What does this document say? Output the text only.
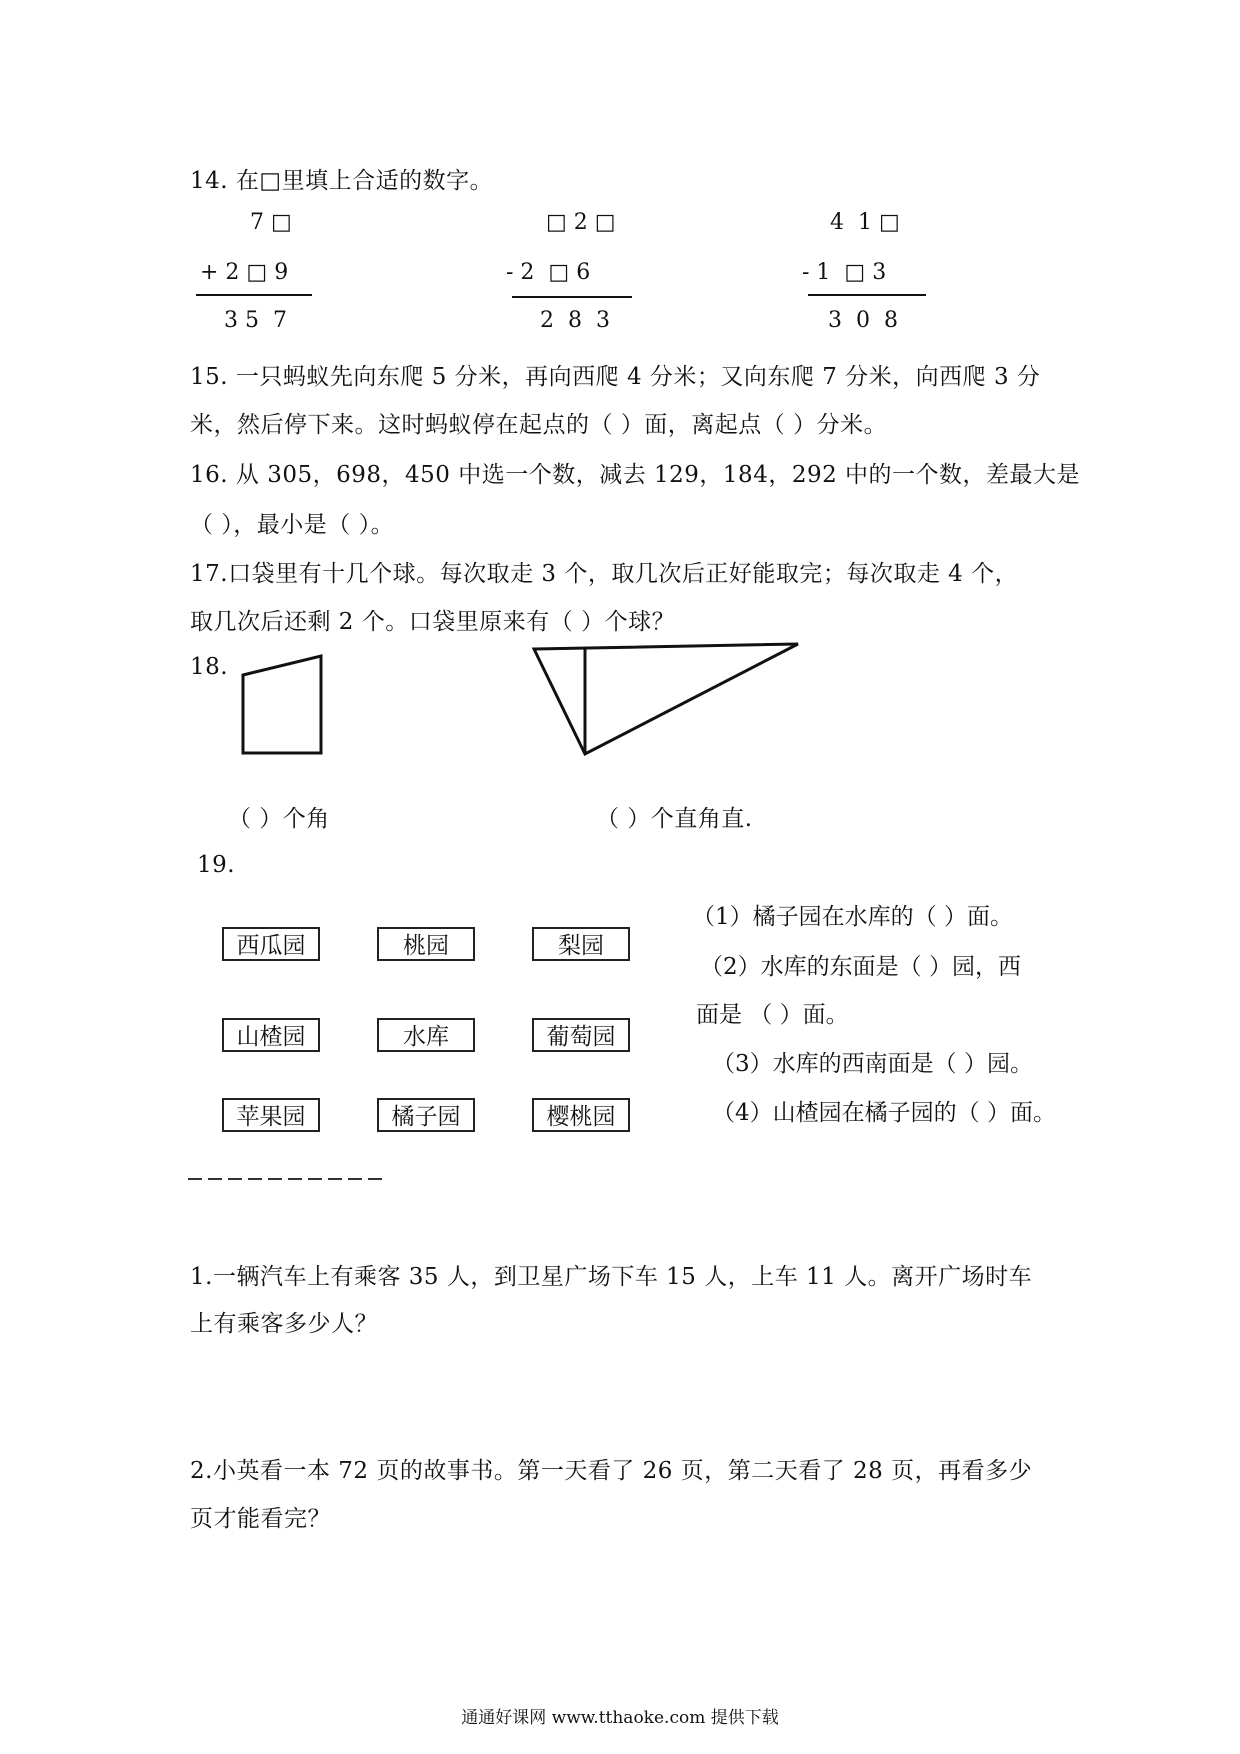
14. 在□里填上合适的数字。
7 □
+ 2 □ 9
3 5  7
□ 2 □
- 2  □ 6
2  8  3
4  1 □
- 1  □ 3
3  0  8
15. 一只蚂蚁先向东爬 5 分米，再向西爬 4 分米；又向东爬 7 分米，向西爬 3 分
米，然后停下来。这时蚂蚁停在起点的（ ）面，离起点（ ）分米。
16. 从 305，698，450 中选一个数，减去 129，184，292 中的一个数，差最大是
（ ），最小是（ ）。
17.口袋里有十几个球。每次取走 3 个，取几次后正好能取完；每次取走 4 个，
取几次后还剩 2 个。口袋里原来有（ ）个球？
18.
（ ）个角	（ ）个直角直.
19.
西瓜园	桃园	梨园
山楂园	水库	葡萄园
苹果园	橘子园	樱桃园
（1）橘子园在水库的（ ）面。
（2）水库的东面是（ ）园，西
面是 （ ）面。
（3）水库的西南面是（ ）园。
（4）山楂园在橘子园的（ ）面。
1.一辆汽车上有乘客 35 人，到卫星广场下车 15 人，上车 11 人。离开广场时车
上有乘客多少人？
2.小英看一本 72 页的故事书。第一天看了 26 页，第二天看了 28 页，再看多少
页才能看完？
通通好课网 www.tthaoke.com 提供下载
